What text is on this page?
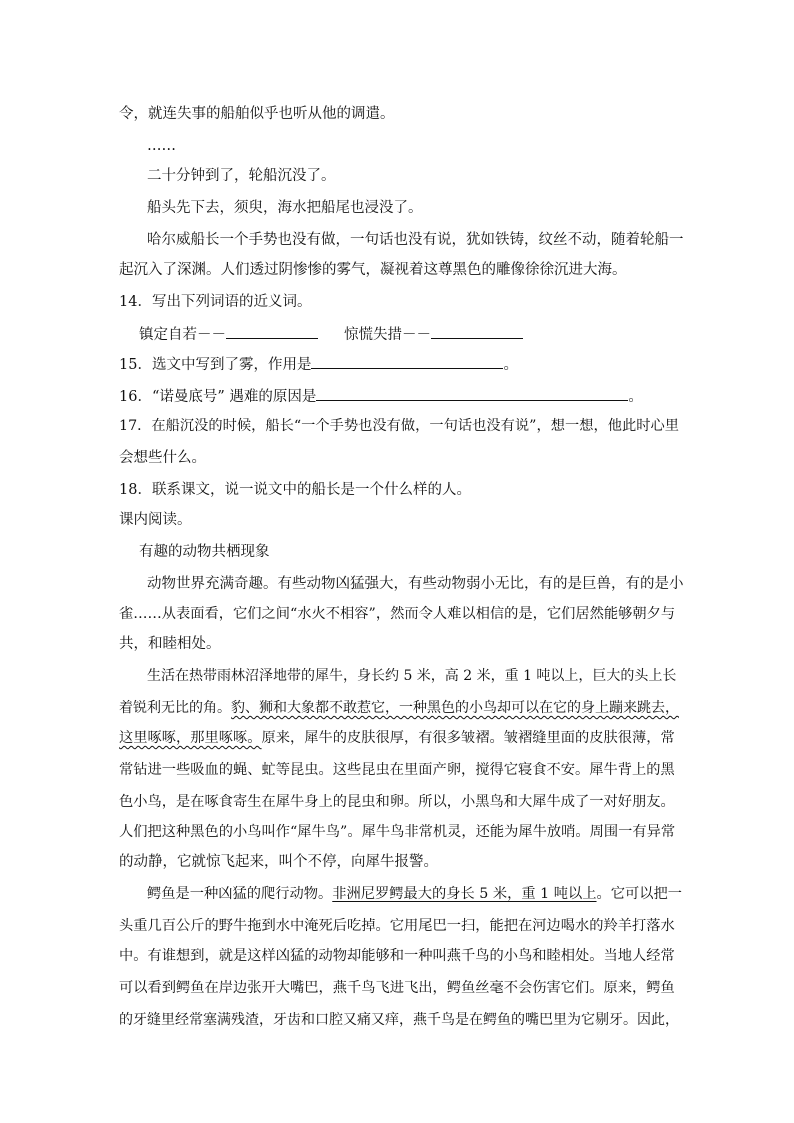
令，就连失事的船舶似乎也听从他的调遣。
……
二十分钟到了，轮船沉没了。
船头先下去，须臾，海水把船尾也浸没了。
哈尔威船长一个手势也没有做，一句话也没有说，犹如铁铸，纹丝不动，随着轮船一
起沉入了深渊。人们透过阴惨惨的雾气，凝视着这尊黑色的雕像徐徐沉进大海。
14．写出下列词语的近义词。
镇定自若－－	惊慌失措－－
15．选文中写到了雾，作用是	。
16．“诺曼底号” 遇难的原因是	。
17．在船沉没的时候，船长“一个手势也没有做，一句话也没有说”，想一想，他此时心里
会想些什么。
18．联系课文，说一说文中的船长是一个什么样的人。
课内阅读。
有趣的动物共栖现象
动物世界充满奇趣。有些动物凶猛强大，有些动物弱小无比，有的是巨兽，有的是小
雀……从表面看，它们之间“水火不相容”，然而令人难以相信的是，它们居然能够朝夕与
共，和睦相处。
生活在热带雨林沼泽地带的犀牛，身长约 5 米，高 2 米，重 1 吨以上，巨大的头上长
着锐利无比的角。豹、狮和大象都不敢惹它，一种黑色的小鸟却可以在它的身上蹦来跳去，
这里啄啄，那里啄啄。原来，犀牛的皮肤很厚，有很多皱褶。皱褶缝里面的皮肤很薄，常
常钻进一些吸血的蝇、虻等昆虫。这些昆虫在里面产卵，搅得它寝食不安。犀牛背上的黑
色小鸟，是在啄食寄生在犀牛身上的昆虫和卵。所以，小黑鸟和大犀牛成了一对好朋友。
人们把这种黑色的小鸟叫作“犀牛鸟”。犀牛鸟非常机灵，还能为犀牛放哨。周围一有异常
的动静，它就惊飞起来，叫个不停，向犀牛报警。
鳄鱼是一种凶猛的爬行动物。非洲尼罗鳄最大的身长 5 米，重 1 吨以上。它可以把一
头重几百公斤的野牛拖到水中淹死后吃掉。它用尾巴一扫，能把在河边喝水的羚羊打落水
中。有谁想到，就是这样凶猛的动物却能够和一种叫燕千鸟的小鸟和睦相处。当地人经常
可以看到鳄鱼在岸边张开大嘴巴，燕千鸟飞进飞出，鳄鱼丝毫不会伤害它们。原来，鳄鱼
的牙缝里经常塞满残渣，牙齿和口腔又痛又痒，燕千鸟是在鳄鱼的嘴巴里为它剔牙。因此，
